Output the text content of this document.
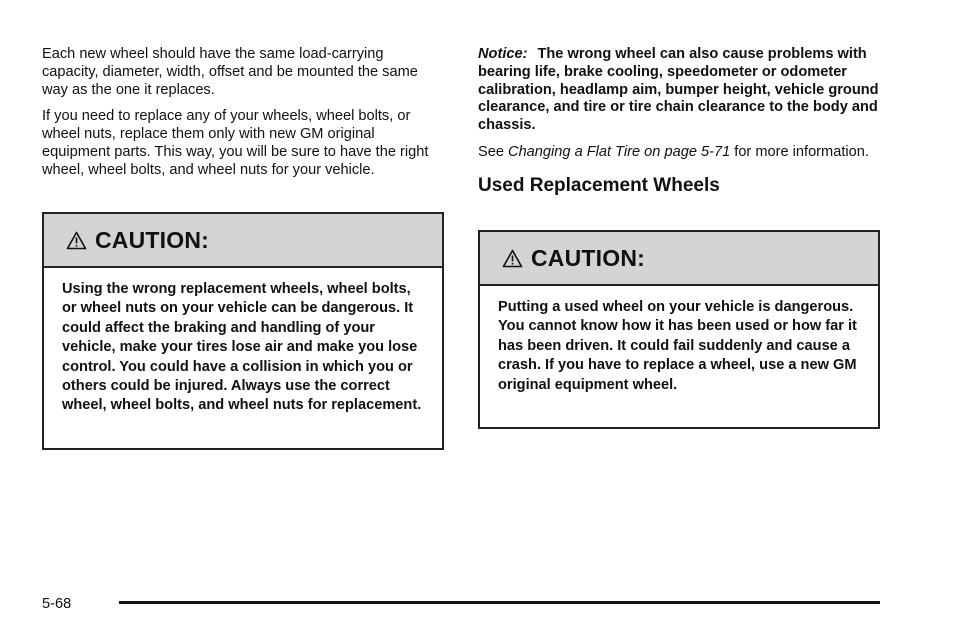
Each new wheel should have the same load-carrying capacity, diameter, width, offset and be mounted the same way as the one it replaces.

If you need to replace any of your wheels, wheel bolts, or wheel nuts, replace them only with new GM original equipment parts. This way, you will be sure to have the right wheel, wheel bolts, and wheel nuts for your vehicle.

CAUTION:
Using the wrong replacement wheels, wheel bolts, or wheel nuts on your vehicle can be dangerous. It could affect the braking and handling of your vehicle, make your tires lose air and make you lose control. You could have a collision in which you or others could be injured. Always use the correct wheel, wheel bolts, and wheel nuts for replacement.

Notice: The wrong wheel can also cause problems with bearing life, brake cooling, speedometer or odometer calibration, headlamp aim, bumper height, vehicle ground clearance, and tire or tire chain clearance to the body and chassis.

See Changing a Flat Tire on page 5-71 for more information.

Used Replacement Wheels
CAUTION:
Putting a used wheel on your vehicle is dangerous. You cannot know how it has been used or how far it has been driven. It could fail suddenly and cause a crash. If you have to replace a wheel, use a new GM original equipment wheel.
5-68
